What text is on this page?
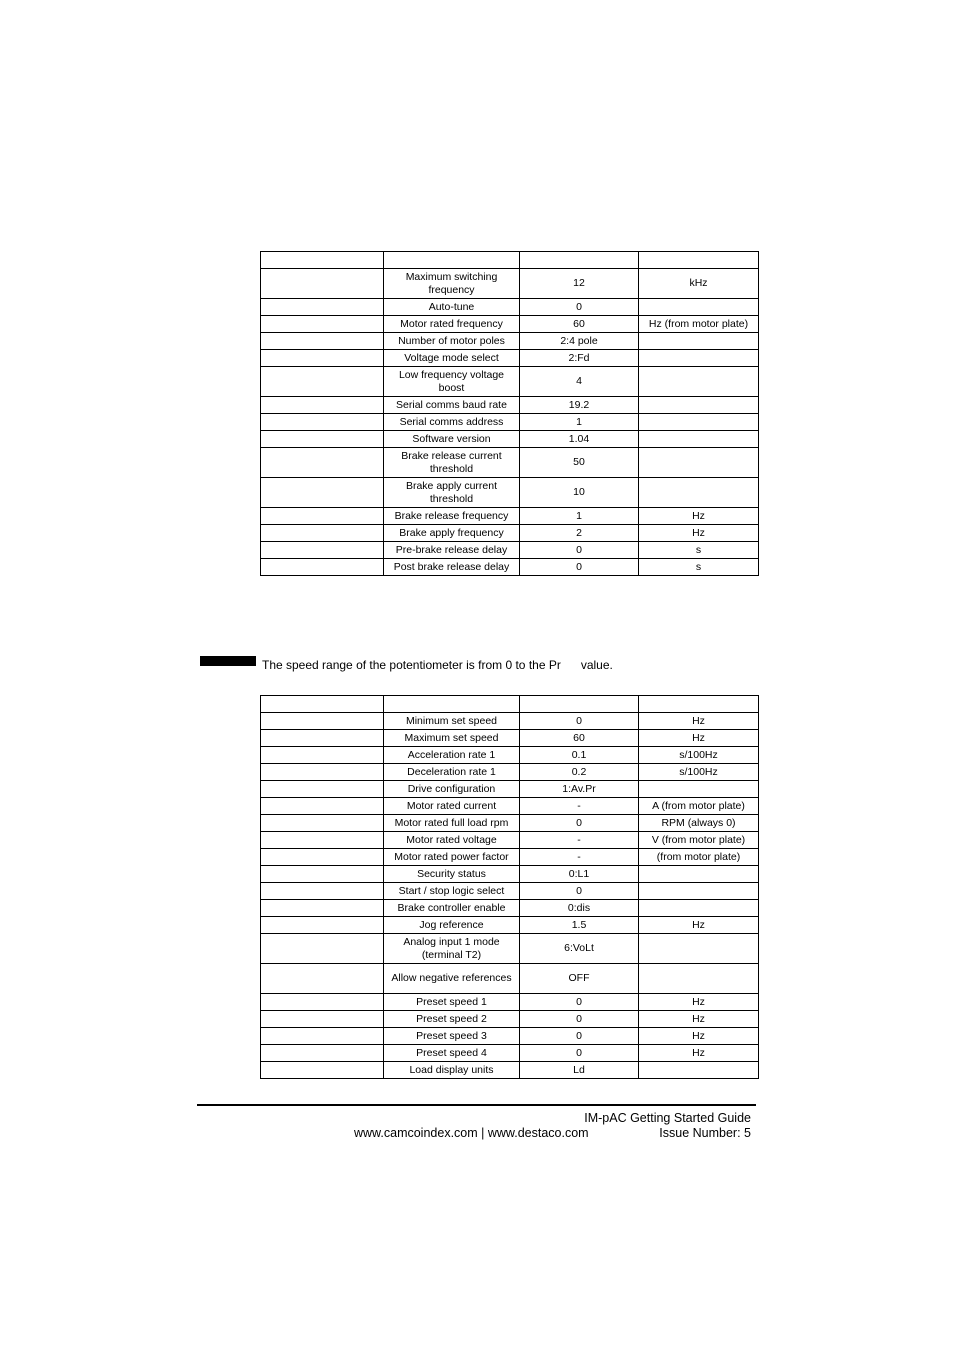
	Maximum switching frequency	12	kHz
	Auto-tune	0	
	Motor rated frequency	60	Hz (from motor plate)
	Number of motor poles	2:4 pole	
	Voltage mode select	2:Fd	
	Low frequency voltage boost	4	
	Serial comms baud rate	19.2	
	Serial comms address	1	
	Software version	1.04	
	Brake release current threshold	50	
	Brake apply current threshold	10	
	Brake release frequency	1	Hz
	Brake apply frequency	2	Hz
	Pre-brake release delay	0	s
	Post brake release delay	0	s
The speed range of the potentiometer is from 0 to the Pr value.

	Minimum set speed	0	Hz
	Maximum set speed	60	Hz
	Acceleration rate 1	0.1	s/100Hz
	Deceleration rate 1	0.2	s/100Hz
	Drive configuration	1:Av.Pr	
	Motor rated current	-	A (from motor plate)
	Motor rated full load rpm	0	RPM (always 0)
	Motor rated voltage	-	V (from motor plate)
	Motor rated power factor	-	(from motor plate)
	Security status	0:L1	
	Start / stop logic select	0	
	Brake controller enable	0:dis	
	Jog reference	1.5	Hz
	Analog input 1 mode (terminal T2)	6:VoLt	
	Allow negative references	OFF	
	Preset speed 1	0	Hz
	Preset speed 2	0	Hz
	Preset speed 3	0	Hz
	Preset speed 4	0	Hz
	Load display units	Ld	
IM-pAC Getting Started Guide
www.camcoindex.com | www.destaco.com	Issue Number: 5
